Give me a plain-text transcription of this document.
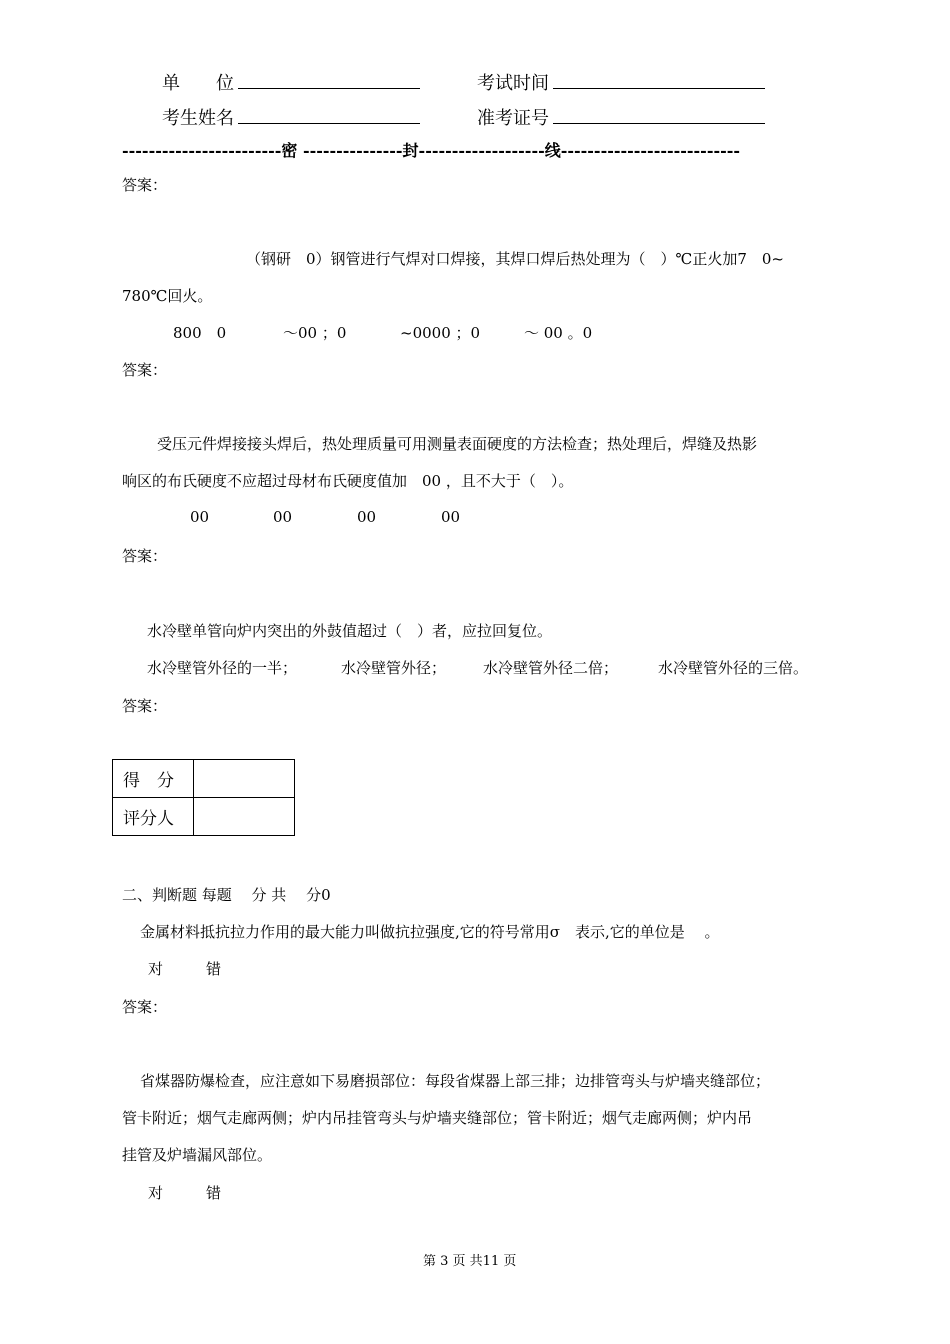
单　　位	考试时间
考生姓名	准考证号
------------------------密 ---------------封-------------------线---------------------------
答案：
（钢研　0）钢管进行气焊对口焊接，其焊口焊后热处理为（　）℃正火加7　0~
780℃回火。
800　0	～00 ；0	~0000 ；0	～ 00 。0
答案：
受压元件焊接接头焊后，热处理质量可用测量表面硬度的方法检查；热处理后，焊缝及热影
响区的布氏硬度不应超过母材布氏硬度值加　00 ，且不大于（　）。
00	00	00	00
答案：
水冷壁单管向炉内突出的外鼓值超过（　）者，应拉回复位。
水冷壁管外径的一半；	水冷壁管外径； 水冷壁管外径二倍；	水冷壁管外径的三倍。
答案：
得　分	
评分人	
二、判断题 每题　 分 共　 分0
金属材料抵抗拉力作用的最大能力叫做抗拉强度,它的符号常用σ　表示,它的单位是　 。
对	错
答案：
省煤器防爆检查，应注意如下易磨损部位：每段省煤器上部三排；边排管弯头与炉墙夹缝部位；
管卡附近；烟气走廊两侧；炉内吊挂管弯头与炉墙夹缝部位；管卡附近；烟气走廊两侧；炉内吊
挂管及炉墙漏风部位。
对	错
第 3 页 共11 页
